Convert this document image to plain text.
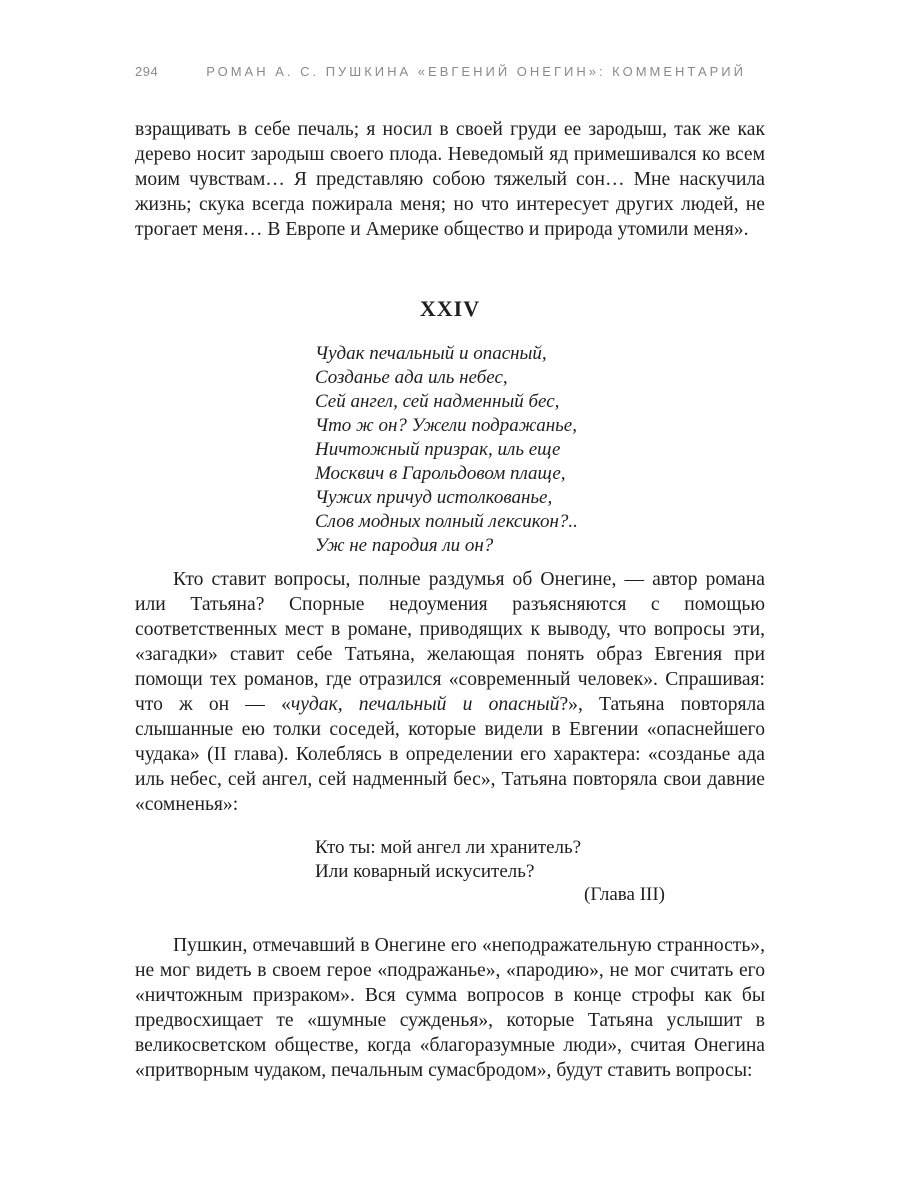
294	РОМАН А. С. ПУШКИНА «ЕВГЕНИЙ ОНЕГИН»: КОММЕНТАРИЙ

взращивать в себе печаль; я носил в своей груди ее зародыш, так же как дерево носит зародыш своего плода. Неведомый яд примешивался ко всем моим чувствам… Я представляю собою тяжелый сон… Мне наскучила жизнь; скука всегда пожирала меня; но что интересует других людей, не трогает меня… В Европе и Америке общество и природа утомили меня».

XXIV
Чудак печальный и опасный,
Созданье ада иль небес,
Сей ангел, сей надменный бес,
Что ж он? Ужели подражанье,
Ничтожный призрак, иль еще
Москвич в Гарольдовом плаще,
Чужих причуд истолкованье,
Слов модных полный лексикон?..
Уж не пародия ли он?

Кто ставит вопросы, полные раздумья об Онегине, — автор романа или Татьяна? Спорные недоумения разъясняются с помощью соответственных мест в романе, приводящих к выводу, что вопросы эти, «загадки» ставит себе Татьяна, желающая понять образ Евгения при помощи тех романов, где отразился «современный человек». Спрашивая: что ж он — «чудак, печальный и опасный?», Татьяна повторяла слышанные ею толки соседей, которые видели в Евгении «опаснейшего чудака» (II глава). Колеблясь в определении его характера: «созданье ада иль небес, сей ангел, сей надменный бес», Татьяна повторяла свои давние «сомненья»:

Кто ты: мой ангел ли хранитель?
Или коварный искуситель?
(Глава III)

Пушкин, отмечавший в Онегине его «неподражательную странность», не мог видеть в своем герое «подражанье», «пародию», не мог считать его «ничтожным призраком». Вся сумма вопросов в конце строфы как бы предвосхищает те «шумные сужденья», которые Татьяна услышит в великосветском обществе, когда «благоразумные люди», считая Онегина «притворным чудаком, печальным сумасбродом», будут ставить вопросы:
